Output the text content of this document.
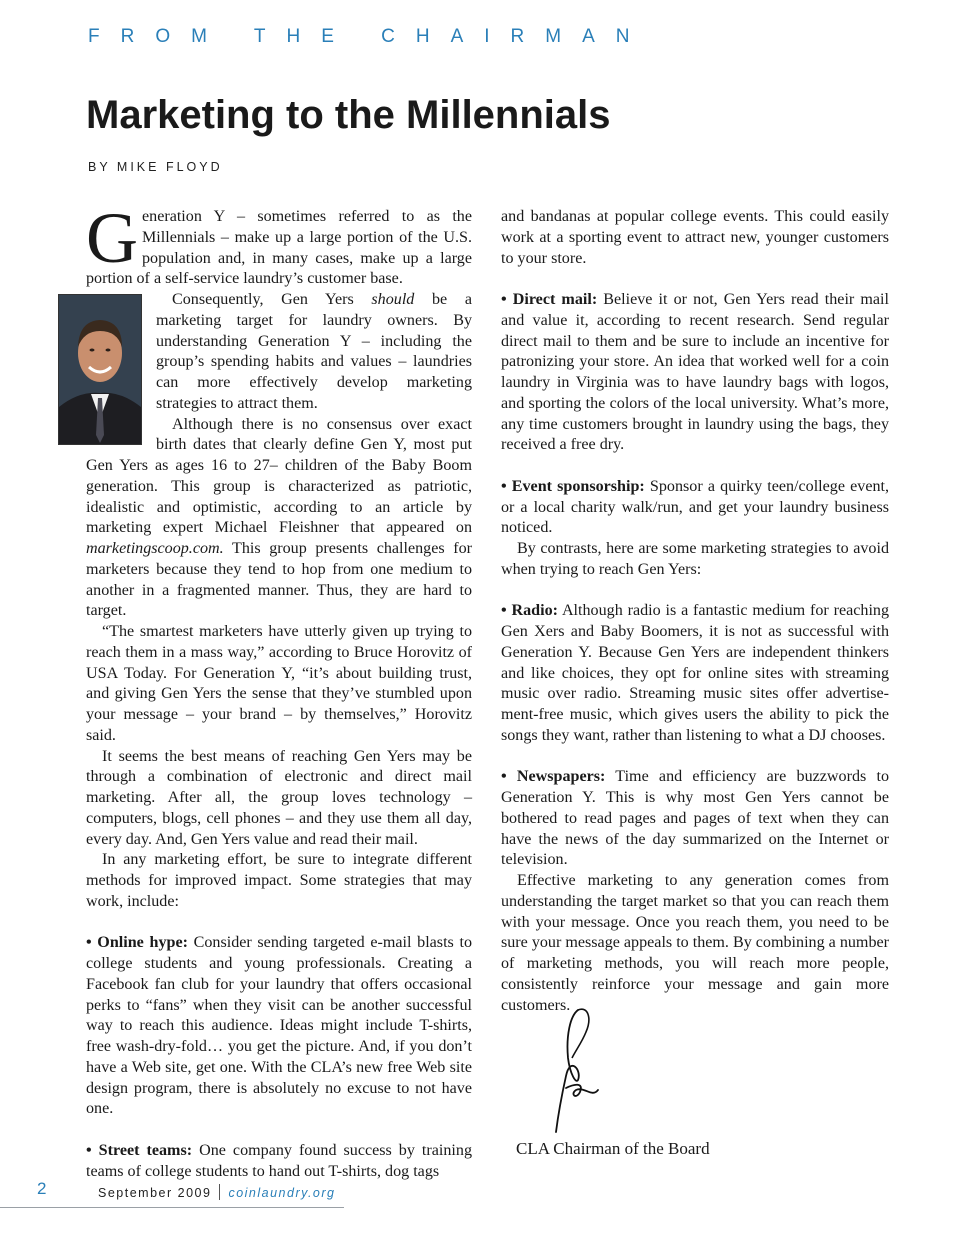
FROM THE CHAIRMAN
Marketing to the Millennials
BY MIKE FLOYD

Generation Y – sometimes referred to as the Millennials – make up a large portion of the U.S. population and, in many cases, make up a large portion of a self-service laundry’s customer base.

Consequently, Gen Yers should be a marketing target for laundry owners. By understanding Generation Y – including the group’s spending habits and values – laundries can more effectively develop marketing strategies to attract them.

Although there is no consensus over exact birth dates that clearly define Gen Y, most put Gen Yers as ages 16 to 27– children of the Baby Boom generation. This group is characterized as patriotic, idealistic and optimistic, according to an article by marketing expert Michael Fleishner that appeared on marketingscoop.com. This group presents challenges for marketers because they tend to hop from one medium to another in a fragmented manner. Thus, they are hard to target.

“The smartest marketers have utterly given up trying to reach them in a mass way,” according to Bruce Horovitz of USA Today. For Generation Y, “it’s about building trust, and giving Gen Yers the sense that they’ve stumbled upon your message – your brand – by themselves,” Horovitz said.

It seems the best means of reaching Gen Yers may be through a combination of electronic and direct mail marketing. After all, the group loves technology – computers, blogs, cell phones – and they use them all day, every day. And, Gen Yers value and read their mail.

In any marketing effort, be sure to integrate different methods for improved impact. Some strategies that may work, include:

• Online hype: Consider sending targeted e-mail blasts to college students and young professionals. Creating a Facebook fan club for your laundry that offers occasional perks to “fans” when they visit can be another successful way to reach this audience. Ideas might include T-shirts, free wash-dry-fold… you get the picture. And, if you don’t have a Web site, get one. With the CLA’s new free Web site design program, there is absolutely no excuse to not have one.

• Street teams: One company found success by training teams of college students to hand out T-shirts, dog tags

and bandanas at popular college events. This could easily work at a sporting event to attract new, younger customers to your store.

• Direct mail: Believe it or not, Gen Yers read their mail and value it, according to recent research. Send regular direct mail to them and be sure to include an incentive for patronizing your store. An idea that worked well for a coin laundry in Virginia was to have laundry bags with logos, and sporting the colors of the local university. What’s more, any time customers brought in laundry using the bags, they received a free dry.

• Event sponsorship: Sponsor a quirky teen/college event, or a local charity walk/run, and get your laundry business noticed.

By contrasts, here are some marketing strategies to avoid when trying to reach Gen Yers:

• Radio: Although radio is a fantastic medium for reaching Gen Xers and Baby Boomers, it is not as successful with Generation Y. Because Gen Yers are independent thinkers and like choices, they opt for online sites with streaming music over radio. Streaming music sites offer advertise-ment-free music, which gives users the ability to pick the songs they want, rather than listening to what a DJ chooses.

• Newspapers: Time and efficiency are buzzwords to Generation Y. This is why most Gen Yers cannot be bothered to read pages and pages of text when they can have the news of the day summarized on the Internet or television.

Effective marketing to any generation comes from understanding the target market so that you can reach them with your message. Once you reach them, you need to be sure your message appeals to them. By combining a number of marketing methods, you will reach more people, consistently reinforce your message and gain more customers.

CLA Chairman of the Board
2	September 2009 coinlaundry.org
